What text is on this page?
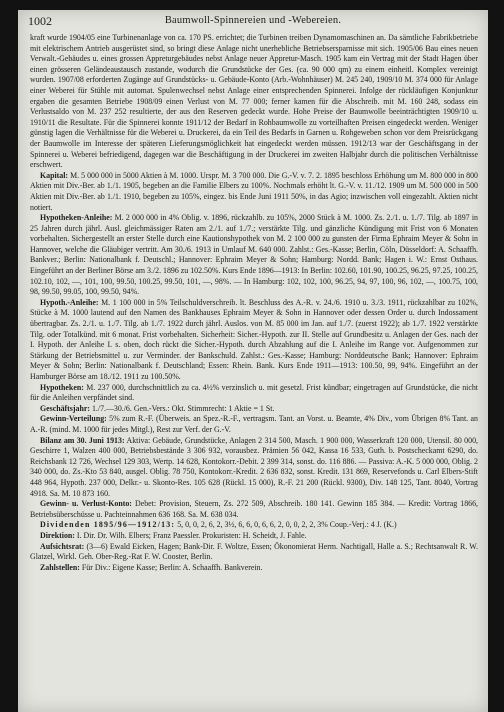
1002	Baumwoll-Spinnereien und -Webereien.

kraft wurde 1904/05 eine Turbinenanlage von ca. 170 PS. errichtet; die Turbinen treiben Dynamomaschinen an. Da sämtliche Fabrikbetriebe mit elektrischem Antrieb ausgerüstet sind, so bringt diese Anlage nicht unerhebliche Betriebsersparnisse mit sich. 1905/06 Bau eines neuen Verwalt.-Gebäudes u. eines grossen Appreturgebäudes nebst Anlage neuer Appretur-Masch. 1905 kam ein Vertrag mit der Stadt Hagen über einen grösseren Geländeaustausch zustande, wodurch die Grundstücke der Ges. (ca. 90 000 qm) zu einem einheitl. Komplex vereinigt wurden. 1907/08 erforderten Zugänge auf Grundstücks- u. Gebäude-Konto (Arb.-Wohnhäuser) M. 245 240, 1909/10 M. 374 000 für Anlage einer Weberei für Stühle mit automat. Spulenwechsel nebst Anlage einer entsprechenden Spinnerei. Infolge der rückläufigen Konjunktur ergaben die gesamten Betriebe 1908/09 einen Verlust von M. 77 000; ferner kamen für die Abschreib. mit M. 160 248, sodass ein Verlustsaldo von M. 237 252 resultierte, der aus den Reserven gedeckt wurde. Hohe Preise der Baumwolle beeinträchtigten 1909/10 u. 1910/11 die Resultate. Für die Spinnerei konnte 1911/12 der Bedarf in Rohbaumwolle zu vorteilhaften Preisen eingedeckt werden. Weniger günstig lagen die Verhältnisse für die Weberei u. Druckerei, da ein Teil des Bedarfs in Garnen u. Rohgeweben schon vor dem Preisrückgang der Baumwolle im Interesse der späteren Lieferungsmöglichkeit hat eingedeckt werden müssen. 1912/13 war der Geschäftsgang in der Spinnerei u. Weberei befriedigend, dagegen war die Beschäftigung in der Druckerei im zweiten Halbjahr durch die politischen Verhältnisse erschwert.

Kapital: M. 5 000 000 in 5000 Aktien à M. 1000. Urspr. M. 3 700 000. Die G.-V. v. 7. 2. 1895 beschloss Erhöhung um M. 800 000 in 800 Aktien mit Div.-Ber. ab 1./1. 1905, begeben an die Familie Elbers zu 100%. Nochmals erhöht lt. G.-V. v. 11./12. 1909 um M. 500 000 in 500 Aktien mit Div.-Ber. ab 1./1. 1910, begeben zu 105%, eingez. bis Ende Juni 1911 50%, in das Agio; inzwischen voll eingezahlt. Aktien nicht notiert.

Hypotheken-Anleihe: M. 2 000 000 in 4% Oblig. v. 1896, rückzahlb. zu 105%, 2000 Stück à M. 1000. Zs. 2./1. u. 1./7. Tilg. ab 1897 in 25 Jahren durch jährl. Ausl. gleichmässiger Raten am 2./1. auf 1./7.; verstärkte Tilg. und gänzliche Kündigung mit Frist von 6 Monaten vorbehalten. Sichergestellt an erster Stelle durch eine Kautionshypothek von M. 2 100 000 zu gunsten der Firma Ephraim Meyer & Sohn in Hannover, welche die Gläubiger vertritt. Am 30./6. 1913 in Umlauf M. 640 000. Zahlst.: Ges.-Kasse; Berlin, Cöln, Düsseldorf: A. Schaaffh. Bankver.; Berlin: Nationalbank f. Deutschl.; Hannover: Ephraim Meyer & Sohn; Hamburg: Nordd. Bank; Hagen i. W.: Ernst Osthaus. Eingeführt an der Berliner Börse am 3./2. 1896 zu 102.50%. Kurs Ende 1896—1913: In Berlin: 102.60, 101.90, 100.25, 96.25, 97.25, 100.25, 102.10, 102, —, 101, 100, 99.50, 100.25, 99.50, 101, —, 98%. — In Hamburg: 102, 102, 100, 96.25, 94, 97, 100, 96, 102, —, 100.75, 100, 98, 99.50, 99.05, 100, 99.50, 94%.

Hypoth.-Anleihe: M. 1 100 000 in 5% Teilschuldverschreib. lt. Beschluss des A.-R. v. 24./6. 1910 u. 3./3. 1911, rückzahlbar zu 102%, Stücke à M. 1000 lautend auf den Namen des Bankhauses Ephraim Meyer & Sohn in Hannover oder dessen Order u. durch Indossament übertragbar. Zs. 2./1. u. 1./7. Tilg. ab 1./7. 1922 durch jährl. Auslos. von M. 85 000 im Jan. auf 1./7. (zuerst 1922); ab 1./7. 1922 verstärkte Tilg. oder Totalkünd. mit 6 monat. Frist vorbehalten. Sicherheit: Sicher.-Hypoth. zur II. Stelle auf Grundbesitz u. Anlagen der Ges. nach der I. Hypoth. der Anleihe I. s. oben, doch rückt die Sicher.-Hypoth. durch Abzahlung auf die I. Anleihe im Range vor. Aufgenommen zur Stärkung der Betriebsmittel u. zur Verminder. der Bankschuld. Zahlst.: Ges.-Kasse; Hamburg: Norddeutsche Bank; Hannover: Ephraim Meyer & Sohn; Berlin: Nationalbank f. Deutschland; Essen: Rhein. Bank. Kurs Ende 1911—1913: 100.50, 99, 94%. Eingeführt an der Hamburger Börse am 18./12. 1911 zu 100.50%.

Hypotheken: M. 237 000, durchschnittlich zu ca. 4½% verzinslich u. mit gesetzl. Frist kündbar; eingetragen auf Grundstücke, die nicht für die Anleihen verpfändet sind.

Geschäftsjahr: 1./7.—30./6. Gen.-Vers.: Okt. Stimmrecht: 1 Aktie = 1 St.

Gewinn-Verteilung: 5% zum R.-F. (Überweis. an Spez.-R.-F., vertragsm. Tant. an Vorst. u. Beamte, 4% Div., vom Übrigen 8% Tant. an A.-R. (mind. M. 1000 für jedes Mitgl.), Rest zur Verf. der G.-V.

Bilanz am 30. Juni 1913: Aktiva: Gebäude, Grundstücke, Anlagen 2 314 500, Masch. 1 900 000, Wasserkraft 120 000, Utensil. 80 000, Geschirre 1, Walzen 400 000, Betriebsbestände 3 306 932, vorausbez. Prämien 56 042, Kassa 16 533, Guth. b. Postscheckamt 6290, do. Reichsbank 12 726, Wechsel 129 303, Wertp. 14 628, Kontokorr.-Debit. 2 399 314, sonst. do. 116 886. — Passiva: A.-K. 5 000 000, Oblig. 2 340 000, do. Zs.-Kto 53 840, ausgel. Oblig. 78 750, Kontokorr.-Kredit. 2 636 832, sonst. Kredit. 131 869, Reservefonds u. Carl Elbers-Stift 448 964, Hypoth. 237 000, Delkr.- u. Skonto-Res. 105 628 (Rückl. 15 000), R.-F. 21 200 (Rückl. 9300), Div. 148 125, Tant. 8040, Vortrag 4918. Sa. M. 10 873 160.

Gewinn- u. Verlust-Konto: Debet: Provision, Steuern, Zs. 272 509, Abschreib. 180 141. Gewinn 185 384. — Kredit: Vortrag 1866, Betriebsüberschüsse u. Pachteinnahmen 636 168. Sa. M. 638 034.

Dividenden 1895/96—1912/13: 5, 0, 0, 2, 6, 2, 3½, 6, 6, 0, 6, 6, 2, 0, 0, 2, 2, 3% Coup.-Verj.: 4 J. (K.)

Direktion: I. Dir. Dr. Wilh. Elbers; Franz Paessler. Prokuristen: H. Scheidt, J. Fahle.

Aufsichtsrat: (3—6) Ewald Eicken, Hagen; Bank-Dir. F. Woltze, Essen; Ökonomierat Herm. Nachtigall, Halle a. S.; Rechtsanwalt R. W. Glatzel, Wirkl. Geh. Ober-Reg.-Rat F. W. Cooster, Berlin.

Zahlstellen: Für Div.: Eigene Kasse; Berlin: A. Schaaffh. Bankverein.
